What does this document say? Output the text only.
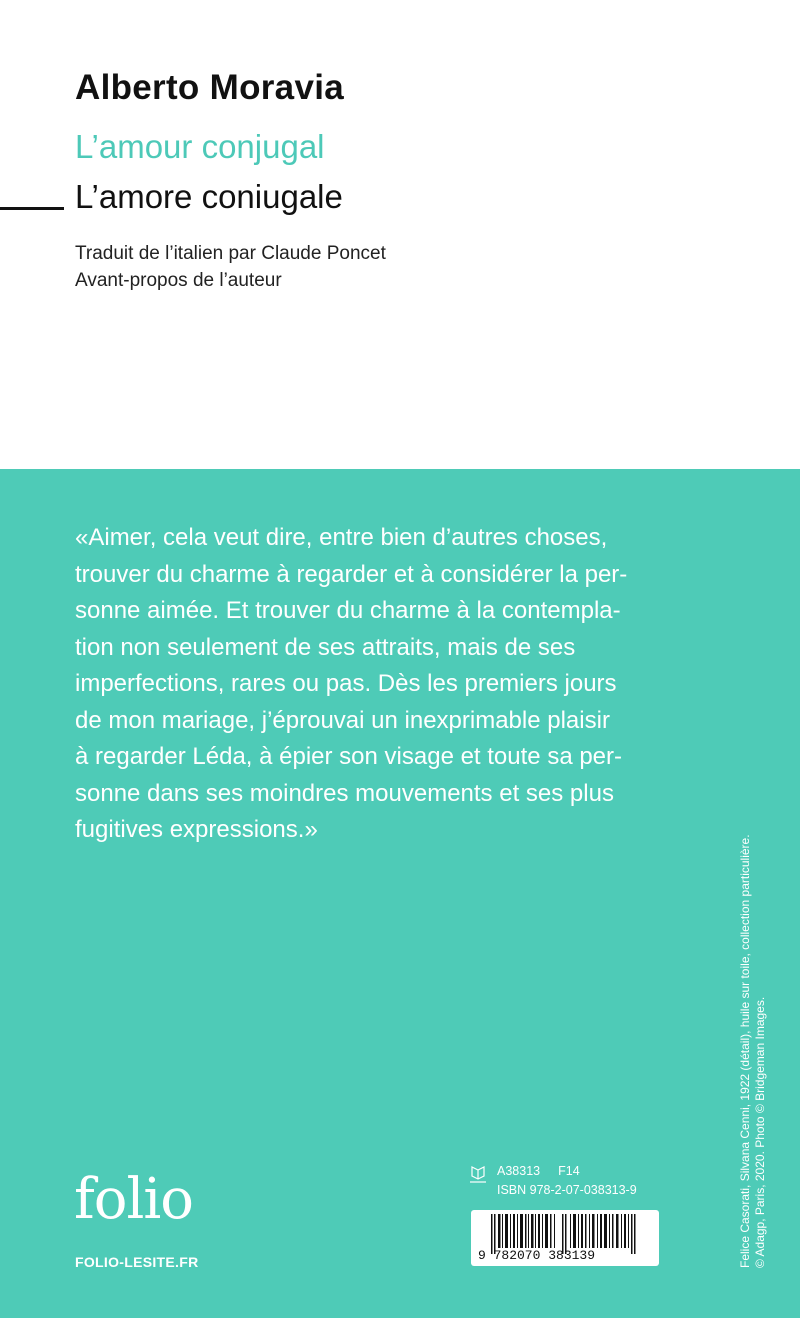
Alberto Moravia
L’amour conjugal
L’amore coniugale
Traduit de l’italien par Claude Poncet
Avant-propos de l’auteur
«Aimer, cela veut dire, entre bien d’autres choses,
trouver du charme à regarder et à considérer la per-
sonne aimée. Et trouver du charme à la contempla-
tion non seulement de ses attraits, mais de ses
imperfections, rares ou pas. Dès les premiers jours
de mon mariage, j’éprouvai un inexprimable plaisir
à regarder Léda, à épier son visage et toute sa per-
sonne dans ses moindres mouvements et ses plus
fugitives expressions.»
Felice Casorati, Silvana Cenni, 1922 (détail), huile sur toile, collection particulière. © Adagp, Paris, 2020. Photo © Bridgeman Images.
folio
FOLIO-LESITE.FR
A38313 F14
ISBN 978-2-07-038313-9
9 782070 383139
